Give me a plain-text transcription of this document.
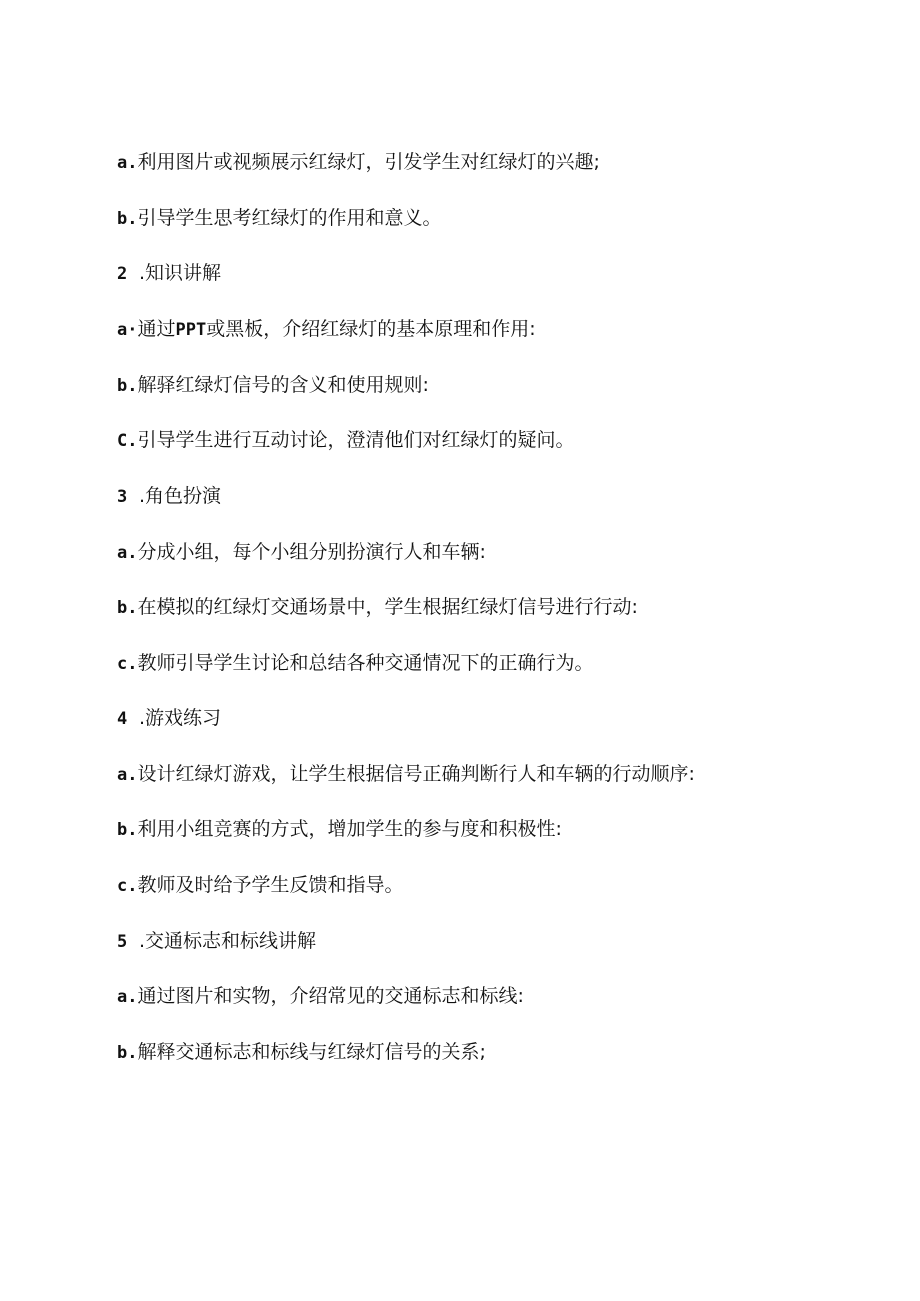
a.利用图片或视频展示红绿灯，引发学生对红绿灯的兴趣;
b.引导学生思考红绿灯的作用和意义。
2 .知识讲解
a·通过PPT或黑板，介绍红绿灯的基本原理和作用:
b.解驿红绿灯信号的含义和使用规则:
C.引导学生进行互动讨论，澄清他们对红绿灯的疑问。
3 .角色扮演
a.分成小组，每个小组分别扮演行人和车辆:
b.在模拟的红绿灯交通场景中，学生根据红绿灯信号进行行动:
c.教师引导学生讨论和总结各种交通情况下的正确行为。
4 .游戏练习
a.设计红绿灯游戏，让学生根据信号正确判断行人和车辆的行动顺序:
b.利用小组竞赛的方式，增加学生的参与度和积极性:
c.教师及时给予学生反馈和指导。
5 .交通标志和标线讲解
a.通过图片和实物，介绍常见的交通标志和标线:
b.解释交通标志和标线与红绿灯信号的关系;
